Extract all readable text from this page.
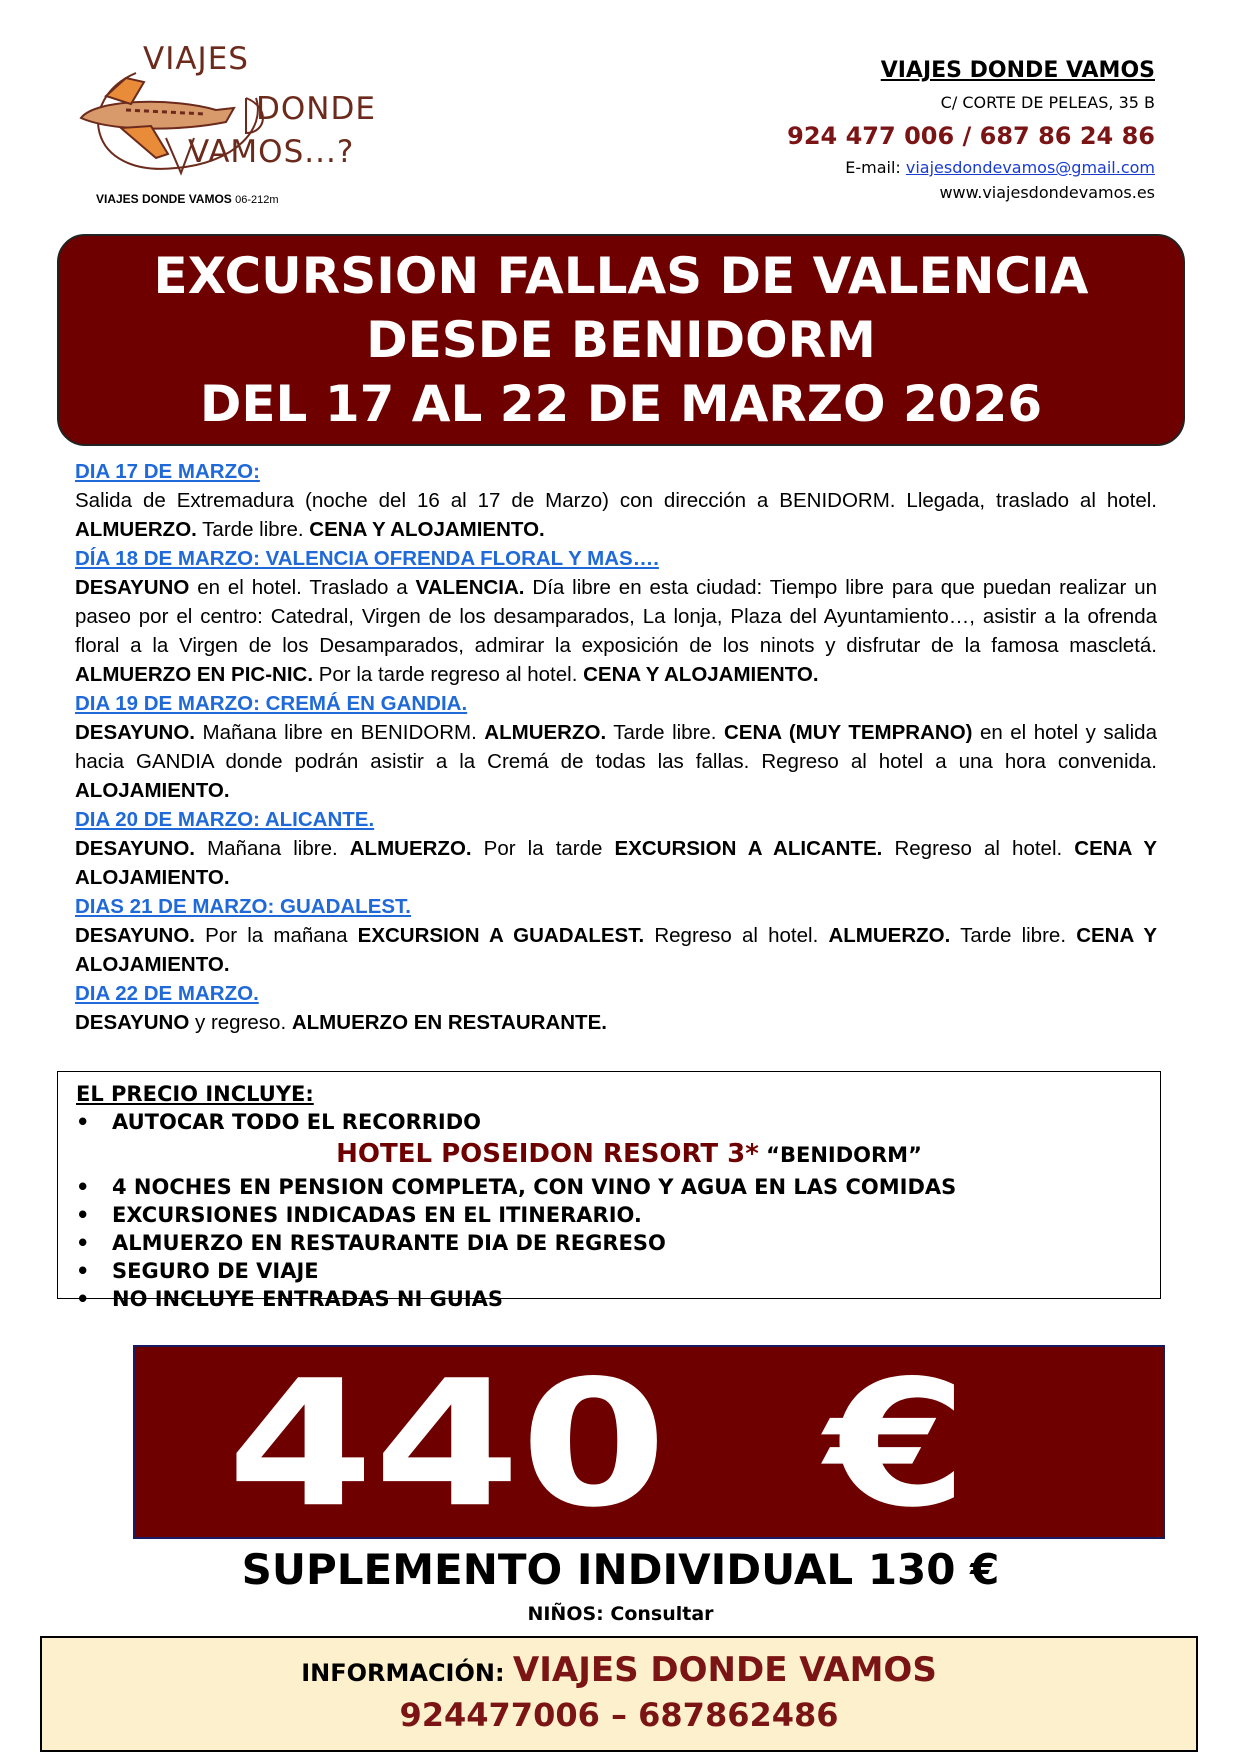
VIAJES
DONDE
VAMOS...?
VIAJES DONDE VAMOS 06-212m
VIAJES DONDE VAMOS
C/ CORTE DE PELEAS, 35 B
924 477 006 / 687 86 24 86
E-mail: viajesdondevamos@gmail.com
www.viajesdondevamos.es
EXCURSION FALLAS DE VALENCIA
DESDE BENIDORM
DEL 17 AL 22 DE MARZO 2026
DIA 17 DE MARZO:

Salida de Extremadura (noche del 16 al 17 de Marzo) con dirección a BENIDORM. Llegada, traslado al hotel. ALMUERZO. Tarde libre. CENA Y ALOJAMIENTO.

DÍA 18 DE MARZO: VALENCIA OFRENDA FLORAL Y MAS….

DESAYUNO en el hotel. Traslado a VALENCIA. Día libre en esta ciudad: Tiempo libre para que puedan realizar un paseo por el centro: Catedral, Virgen de los desamparados, La lonja, Plaza del Ayuntamiento…, asistir a la ofrenda floral a la Virgen de los Desamparados, admirar la exposición de los ninots y disfrutar de la famosa mascletá. ALMUERZO EN PIC-NIC. Por la tarde regreso al hotel. CENA Y ALOJAMIENTO.

DIA 19 DE MARZO: CREMÁ EN GANDIA.

DESAYUNO. Mañana libre en BENIDORM. ALMUERZO. Tarde libre. CENA (MUY TEMPRANO) en el hotel y salida hacia GANDIA donde podrán asistir a la Cremá de todas las fallas. Regreso al hotel a una hora convenida. ALOJAMIENTO.

DIA 20 DE MARZO: ALICANTE.

DESAYUNO. Mañana libre. ALMUERZO. Por la tarde EXCURSION A ALICANTE. Regreso al hotel. CENA Y ALOJAMIENTO.

DIAS 21 DE MARZO: GUADALEST.

DESAYUNO. Por la mañana EXCURSION A GUADALEST. Regreso al hotel. ALMUERZO. Tarde libre. CENA Y ALOJAMIENTO.

DIA 22 DE MARZO.

DESAYUNO y regreso. ALMUERZO EN RESTAURANTE.

EL PRECIO INCLUYE:
• AUTOCAR TODO EL RECORRIDO
HOTEL POSEIDON RESORT 3* “BENIDORM”
• 4 NOCHES EN PENSION COMPLETA, CON VINO Y AGUA EN LAS COMIDAS
• EXCURSIONES INDICADAS EN EL ITINERARIO.
• ALMUERZO EN RESTAURANTE DIA DE REGRESO
• SEGURO DE VIAJE
• NO INCLUYE ENTRADAS NI GUIAS
440 €
SUPLEMENTO INDIVIDUAL 130 €
NIÑOS: Consultar
INFORMACIÓN: VIAJES DONDE VAMOS
924477006 – 687862486
